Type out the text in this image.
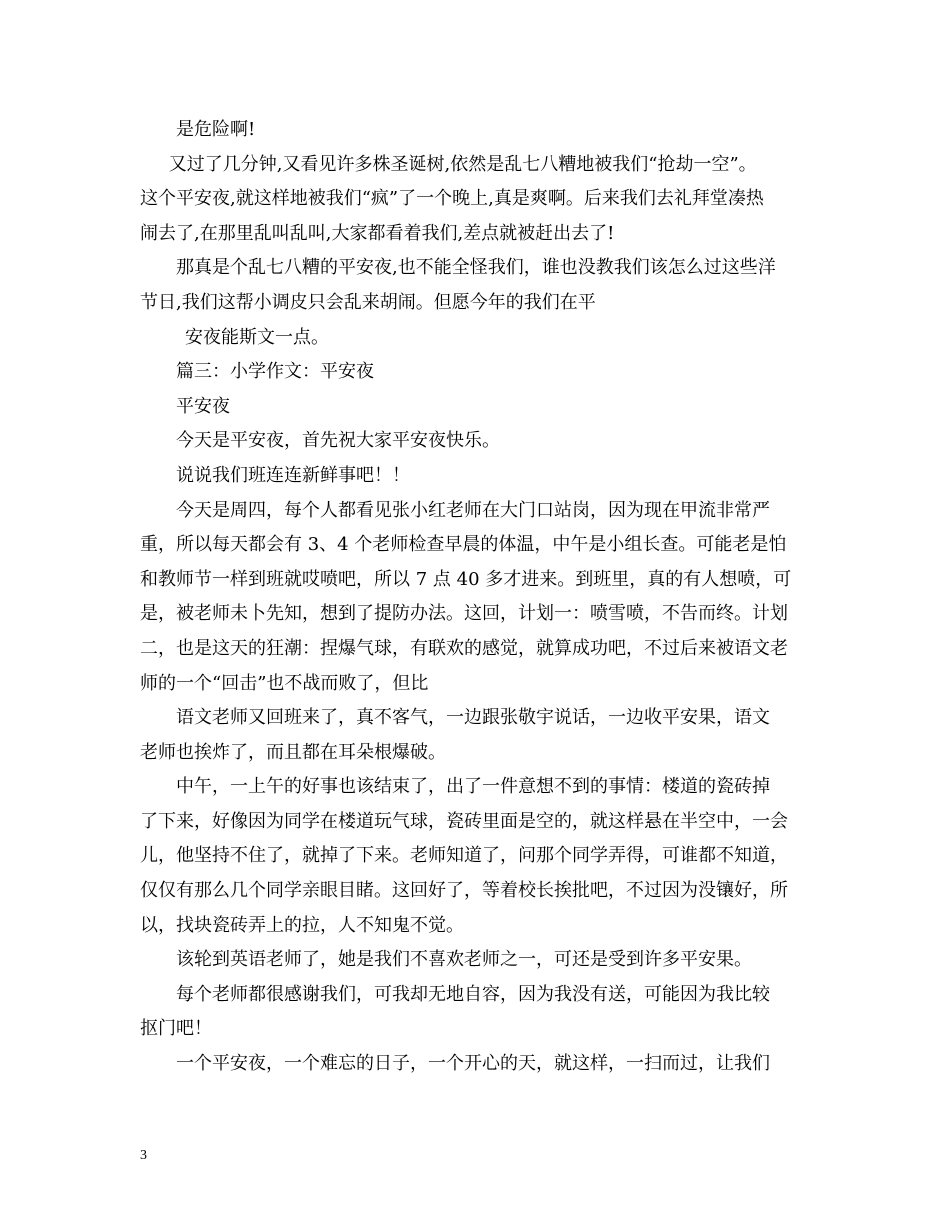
是危险啊!

又过了几分钟,又看见许多株圣诞树,依然是乱七八糟地被我们“抢劫一空”。
这个平安夜,就这样地被我们“疯”了一个晚上,真是爽啊。后来我们去礼拜堂凑热
闹去了,在那里乱叫乱叫,大家都看着我们,差点就被赶出去了!

那真是个乱七八糟的平安夜,也不能全怪我们，谁也没教我们该怎么过这些洋
节日,我们这帮小调皮只会乱来胡闹。但愿今年的我们在平

安夜能斯文一点。

篇三：小学作文：平安夜

平安夜

今天是平安夜，首先祝大家平安夜快乐。

说说我们班连连新鲜事吧！！

今天是周四，每个人都看见张小红老师在大门口站岗，因为现在甲流非常严
重，所以每天都会有 3、4 个老师检查早晨的体温，中午是小组长查。可能老是怕
和教师节一样到班就哎喷吧，所以 7 点 40 多才进来。到班里，真的有人想喷，可
是，被老师未卜先知，想到了提防办法。这回，计划一：喷雪喷，不告而终。计划
二，也是这天的狂潮：捏爆气球，有联欢的感觉，就算成功吧，不过后来被语文老
师的一个“回击”也不战而败了，但比

语文老师又回班来了，真不客气，一边跟张敬宇说话，一边收平安果，语文
老师也挨炸了，而且都在耳朵根爆破。

中午，一上午的好事也该结束了，出了一件意想不到的事情：楼道的瓷砖掉
了下来，好像因为同学在楼道玩气球，瓷砖里面是空的，就这样悬在半空中，一会
儿，他坚持不住了，就掉了下来。老师知道了，问那个同学弄得，可谁都不知道，
仅仅有那么几个同学亲眼目睹。这回好了，等着校长挨批吧，不过因为没镶好，所
以，找块瓷砖弄上的拉，人不知鬼不觉。

该轮到英语老师了，她是我们不喜欢老师之一，可还是受到许多平安果。

每个老师都很感谢我们，可我却无地自容，因为我没有送，可能因为我比较
抠门吧！

一个平安夜，一个难忘的日子，一个开心的天，就这样，一扫而过，让我们

3
